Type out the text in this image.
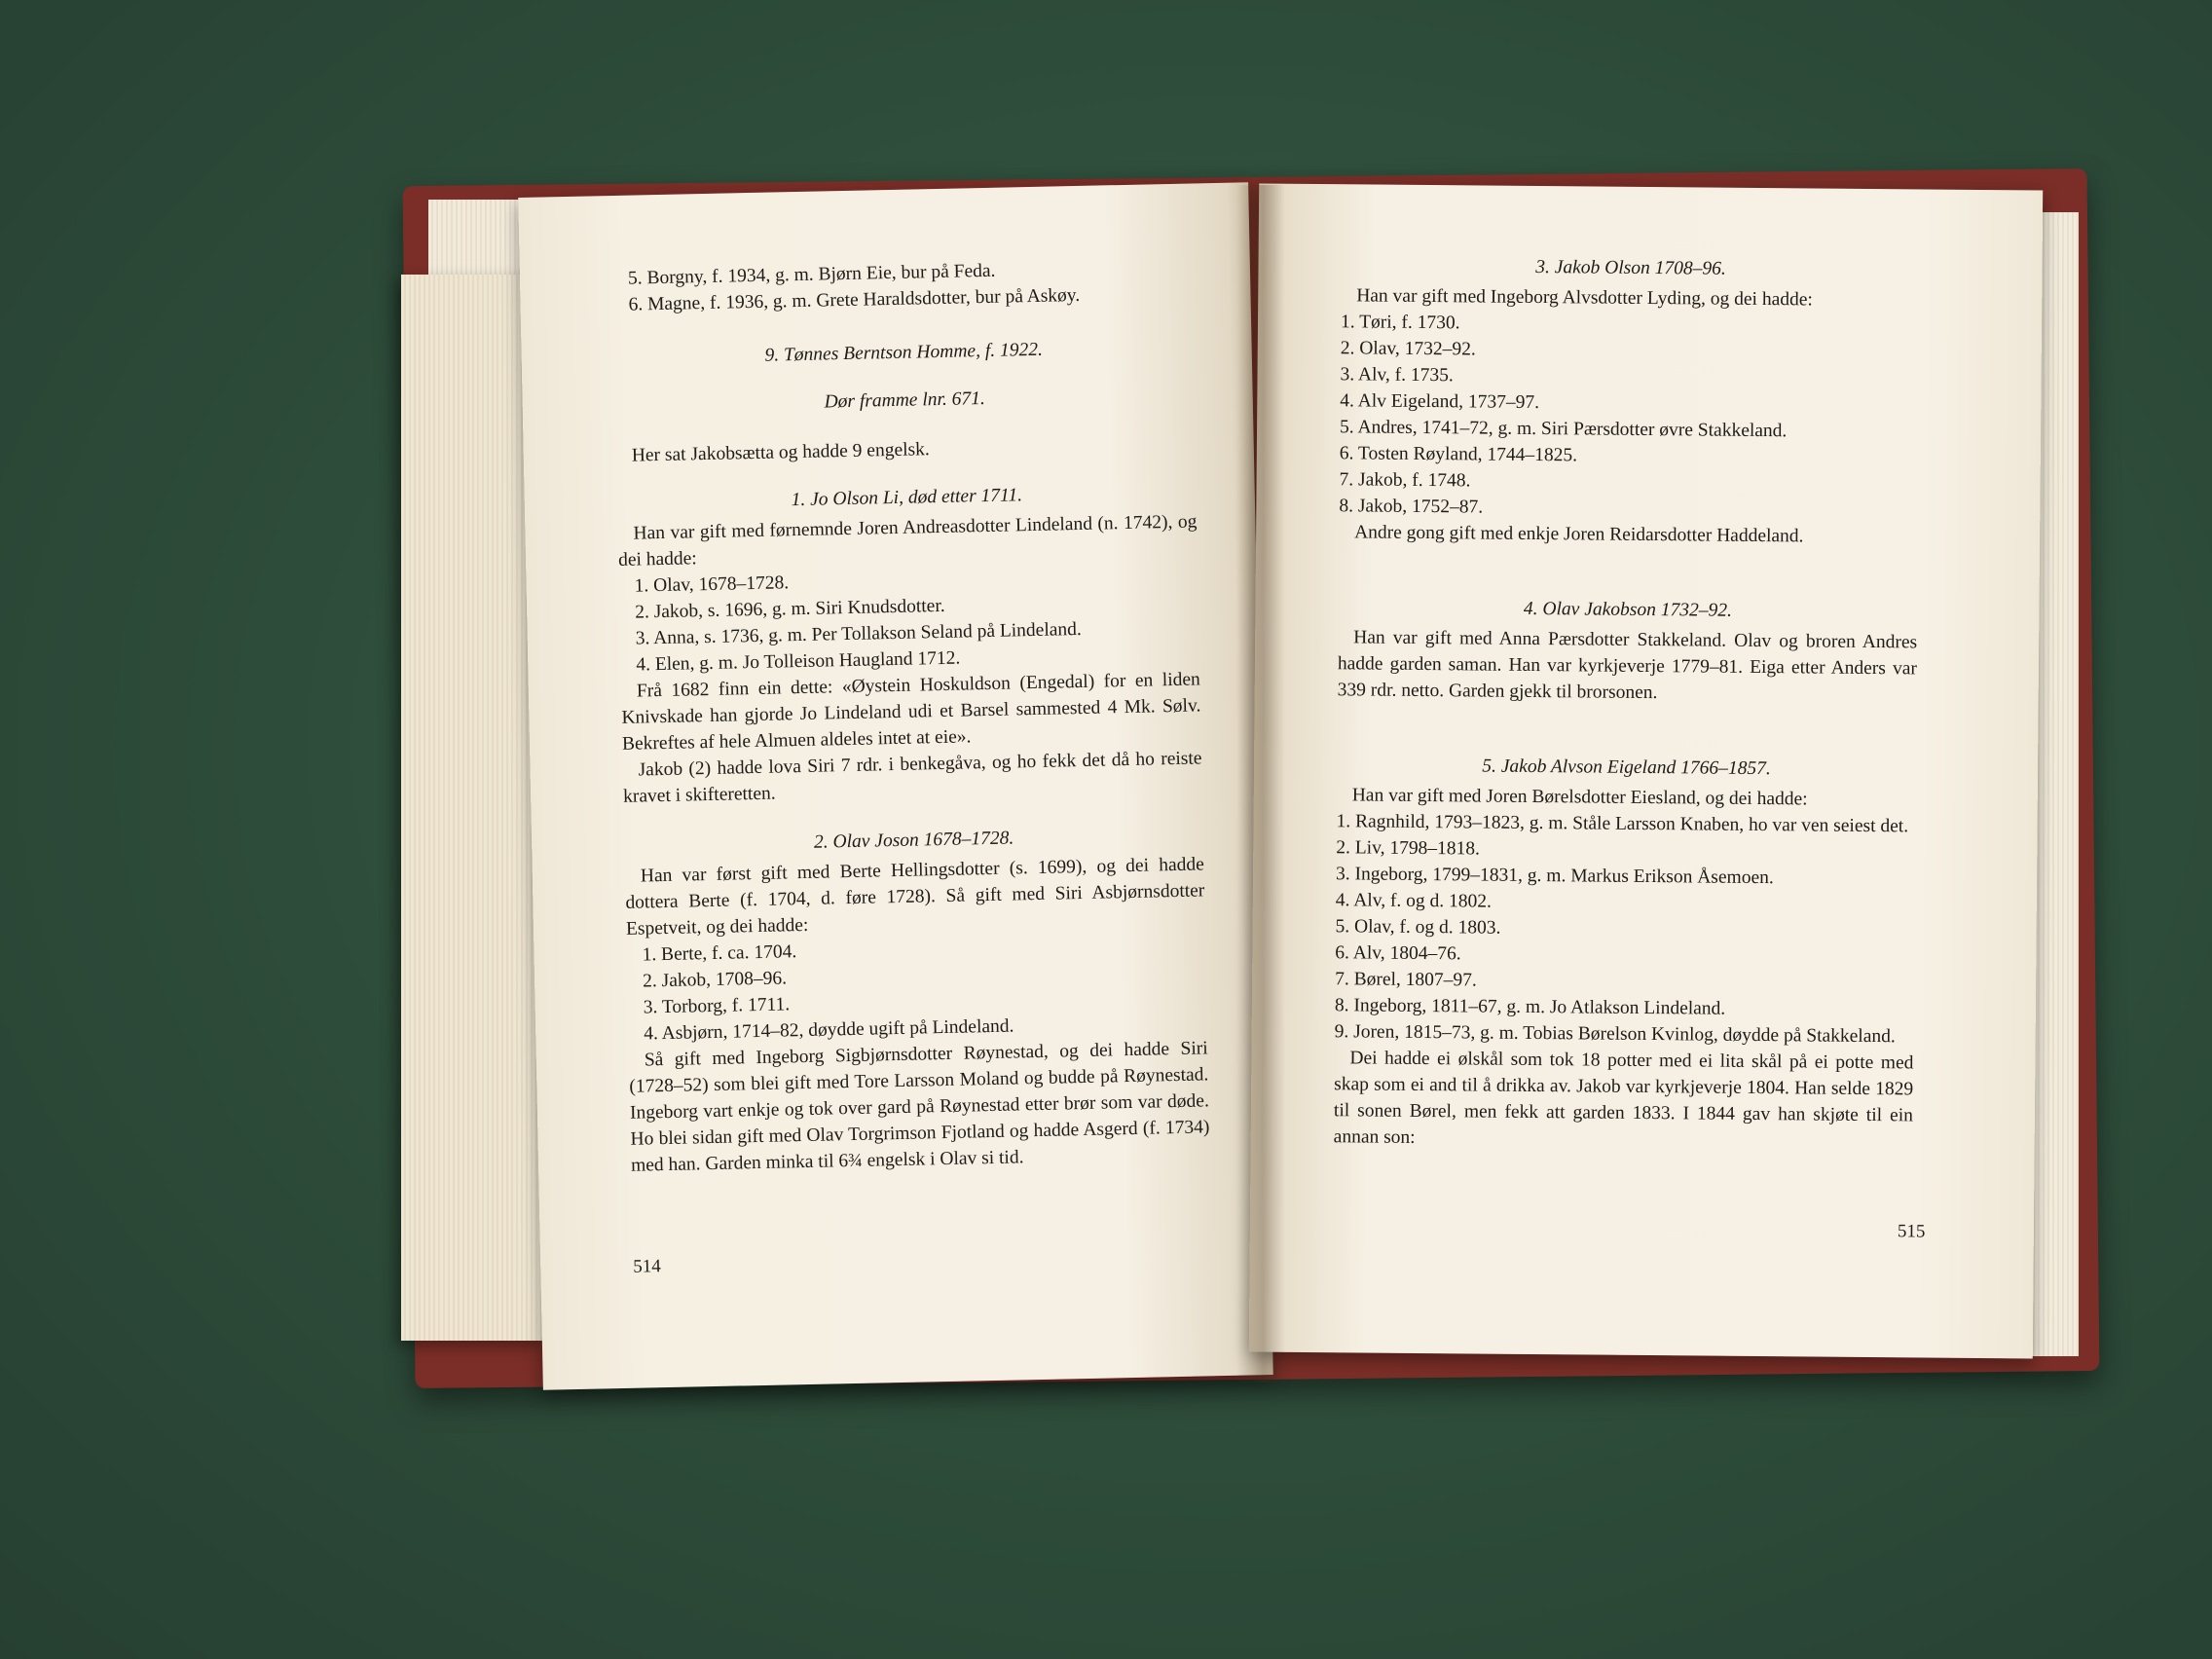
5. Borgny, f. 1934, g. m. Bjørn Eie, bur på Feda.
6. Magne, f. 1936, g. m. Grete Haraldsdotter, bur på Askøy.
9. Tønnes Berntson Homme, f. 1922.
Dør framme lnr. 671.
Her sat Jakobsætta og hadde 9 engelsk.
1. Jo Olson Li, død etter 1711.
Han var gift med førnemnde Joren Andreasdotter Lindeland (n. 1742), og dei hadde:
1. Olav, 1678–1728.
2. Jakob, s. 1696, g. m. Siri Knudsdotter.
3. Anna, s. 1736, g. m. Per Tollakson Seland på Lindeland.
4. Elen, g. m. Jo Tolleison Haugland 1712.
Frå 1682 finn ein dette: «Øystein Hoskuldson (Engedal) for en liden Knivskade han gjorde Jo Lindeland udi et Barsel sammested 4 Mk. Sølv. Bekreftes af hele Almuen aldeles intet at eie».
Jakob (2) hadde lova Siri 7 rdr. i benkegåva, og ho fekk det då ho reiste kravet i skifteretten.
2. Olav Joson 1678–1728.
Han var først gift med Berte Hellingsdotter (s. 1699), og dei hadde dottera Berte (f. 1704, d. føre 1728). Så gift med Siri Asbjørnsdotter Espetveit, og dei hadde:
1. Berte, f. ca. 1704.
2. Jakob, 1708–96.
3. Torborg, f. 1711.
4. Asbjørn, 1714–82, døydde ugift på Lindeland.
Så gift med Ingeborg Sigbjørnsdotter Røynestad, og dei hadde Siri (1728–52) som blei gift med Tore Larsson Moland og budde på Røynestad. Ingeborg vart enkje og tok over gard på Røynestad etter brør som var døde. Ho blei sidan gift med Olav Torgrimson Fjotland og hadde Asgerd (f. 1734) med han. Garden minka til 6¾ engelsk i Olav si tid.
514
3. Jakob Olson 1708–96.
Han var gift med Ingeborg Alvsdotter Lyding, og dei hadde:
1. Tøri, f. 1730.
2. Olav, 1732–92.
3. Alv, f. 1735.
4. Alv Eigeland, 1737–97.
5. Andres, 1741–72, g. m. Siri Pærsdotter øvre Stakkeland.
6. Tosten Røyland, 1744–1825.
7. Jakob, f. 1748.
8. Jakob, 1752–87.
Andre gong gift med enkje Joren Reidarsdotter Haddeland.
4. Olav Jakobson 1732–92.
Han var gift med Anna Pærsdotter Stakkeland. Olav og broren Andres hadde garden saman. Han var kyrkjeverje 1779–81. Eiga etter Anders var 339 rdr. netto. Garden gjekk til brorsonen.
5. Jakob Alvson Eigeland 1766–1857.
Han var gift med Joren Børelsdotter Eiesland, og dei hadde:
1. Ragnhild, 1793–1823, g. m. Ståle Larsson Knaben, ho var ven seiest det.
2. Liv, 1798–1818.
3. Ingeborg, 1799–1831, g. m. Markus Erikson Åsemoen.
4. Alv, f. og d. 1802.
5. Olav, f. og d. 1803.
6. Alv, 1804–76.
7. Børel, 1807–97.
8. Ingeborg, 1811–67, g. m. Jo Atlakson Lindeland.
9. Joren, 1815–73, g. m. Tobias Børelson Kvinlog, døydde på Stakkeland.
Dei hadde ei ølskål som tok 18 potter med ei lita skål på ei potte med skap som ei and til å drikka av. Jakob var kyrkjeverje 1804. Han selde 1829 til sonen Børel, men fekk att garden 1833. I 1844 gav han skjøte til ein annan son:
515
